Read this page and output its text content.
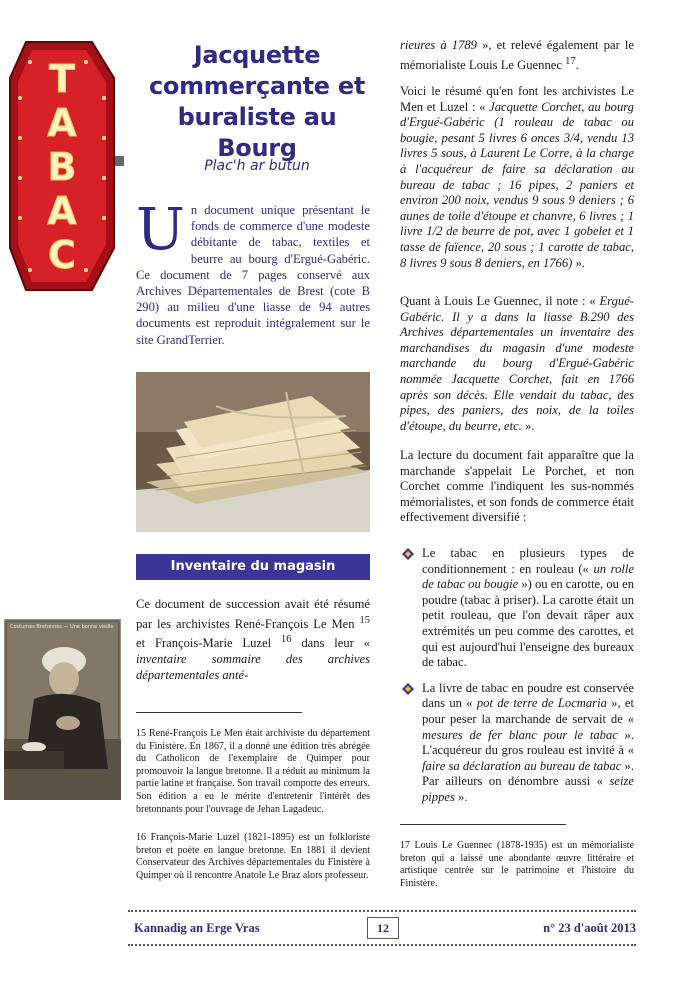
T
A
B
A
C
Jacquette
commerçante et
buraliste au Bourg
Plac'h ar butun
Un document unique présentant le fonds de commerce d'une modeste débitante de tabac, textiles et beurre au bourg d'Ergué-Gabéric. Ce document de 7 pages conservé aux Archives Départementales de Brest (cote B 290) au milieu d'une liasse de 94 autres documents est reproduit intégralement sur le site GrandTerrier.
Inventaire du magasin
Ce document de succession avait été résumé par les archivistes René-François Le Men $^{15}$ et François-Marie Luzel $^{16}$ dans leur « inventaire sommaire des archives départementales anté-
Costumes Bretonnes — Une bonne vieille
15 René-François Le Men était archiviste du département du Finistère. En 1867, il a donné une édition très abrégée du Catholicon de l'exemplaire de Quimper pour promouvoir la langue bretonne. Il a réduit au minimum la partie latine et française. Son travail comporte des erreurs. Son édition a eu le mérite d'entretenir l'intérêt des bretonnants pour l'ouvrage de Jehan Lagadeuc.
16 François-Marie Luzel (1821-1895) est un folkloriste breton et poète en langue bretonne. En 1881 il devient Conservateur des Archives départementales du Finistère à Quimper où il rencontre Anatole Le Braz alors professeur.
rieures à 1789 », et relevé également par le mémorialiste Louis Le Guennec $^{17}$.
Voici le résumé qu'en font les archivistes Le Men et Luzel : « Jacquette Corchet, au bourg d'Ergué-Gabéric (1 rouleau de tabac ou bougie, pesant 5 livres 6 onces 3/4, vendu 13 livres 5 sous, à Laurent Le Corre, à la charge à l'acquéreur de faire sa déclaration au bureau de tabac ; 16 pipes, 2 paniers et environ 200 noix, vendus 9 sous 9 deniers ; 6 aunes de toile d'étoupe et chanvre, 6 livres ; 1 livre 1/2 de beurre de pot, avec 1 gobelet et 1 tasse de faïence, 20 sous ; 1 carotte de tabac, 8 livres 9 sous 8 deniers, en 1766) ».
Quant à Louis Le Guennec, il note : « Ergué-Gabéric. Il y a dans la liasse B.290 des Archives départementales un inventaire des marchandises du magasin d'une modeste marchande du bourg d'Ergué-Gabéric nommée Jacquette Corchet, fait en 1766 après son décès. Elle vendait du tabac, des pipes, des paniers, des noix, de la toiles d'étoupe, du beurre, etc. ».
La lecture du document fait apparaître que la marchande s'appelait Le Porchet, et non Corchet comme l'indiquent les sus-nommés mémorialistes, et son fonds de commerce était effectivement diversifié :
Le tabac en plusieurs types de conditionnement : en rouleau (« un rolle de tabac ou bougie ») ou en carotte, ou en poudre (tabac à priser). La carotte était un petit rouleau, que l'on devait râper aux extrémités un peu comme des carottes, et qui est aujourd'hui l'enseigne des bureaux de tabac.
La livre de tabac en poudre est conservée dans un « pot de terre de Locmaria », et pour peser la marchande de servait de « mesures de fer blanc pour le tabac ». L'acquéreur du gros rouleau est invité à « faire sa déclaration au bureau de tabac ». Par ailleurs on dénombre aussi « seize pippes ».
17 Louis Le Guennec (1878-1935) est un mémorialiste breton qui a laissé une abondante œuvre littéraire et artistique centrée sur le patrimoine et l'histoire du Finistère.
Kannadig an Erge Vras	12	n° 23 d'août 2013
